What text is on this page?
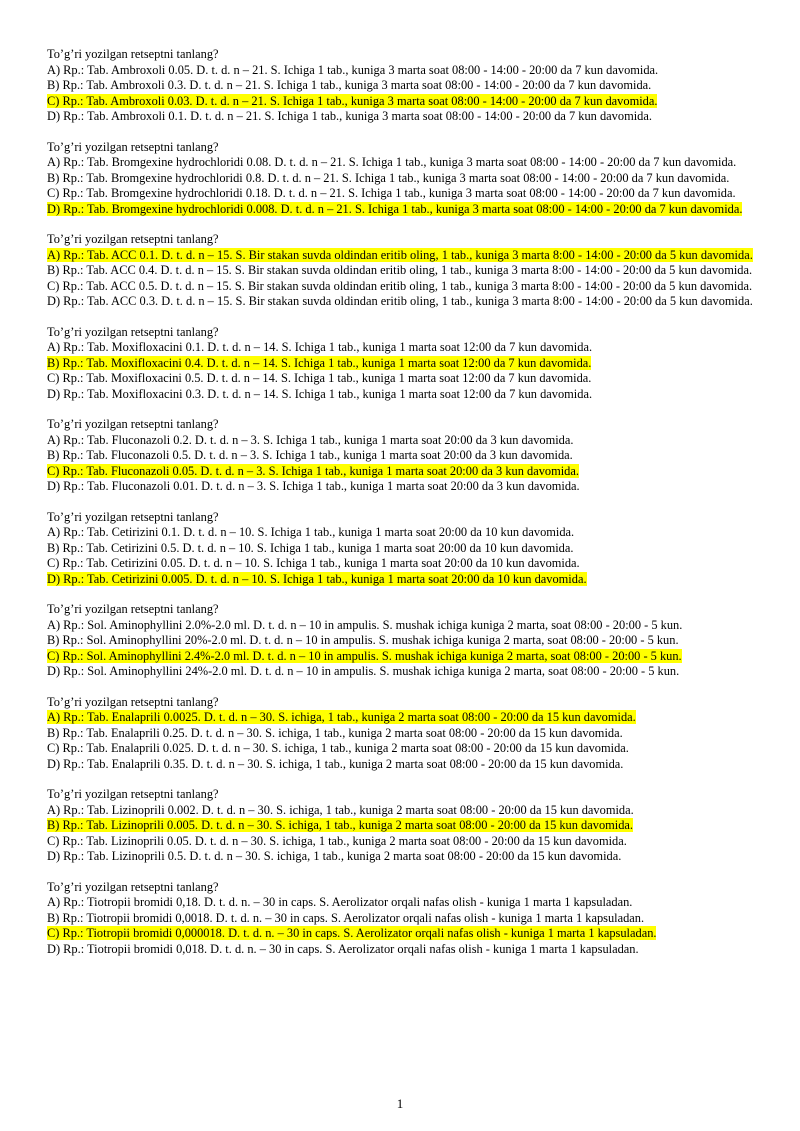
To’g’ri yozilgan retseptni tanlang?

A) Rp.: Tab. Ambroxoli 0.05. D. t. d. n – 21. S. Ichiga 1 tab., kuniga 3 marta soat 08:00 - 14:00 - 20:00 da 7 kun davomida.

B) Rp.: Tab. Ambroxoli 0.3. D. t. d. n – 21. S. Ichiga 1 tab., kuniga 3 marta soat 08:00 - 14:00 - 20:00 da 7 kun davomida.

C) Rp.: Tab. Ambroxoli 0.03. D. t. d. n – 21. S. Ichiga 1 tab., kuniga 3 marta soat 08:00 - 14:00 - 20:00 da 7 kun davomida.

D) Rp.: Tab. Ambroxoli 0.1. D. t. d. n – 21. S. Ichiga 1 tab., kuniga 3 marta soat 08:00 - 14:00 - 20:00 da 7 kun davomida.

To’g’ri yozilgan retseptni tanlang?

A) Rp.: Tab. Bromgexine hydrochloridi 0.08. D. t. d. n – 21. S. Ichiga 1 tab., kuniga 3 marta soat 08:00 - 14:00 - 20:00 da 7 kun davomida.

B) Rp.: Tab. Bromgexine hydrochloridi 0.8. D. t. d. n – 21. S. Ichiga 1 tab., kuniga 3 marta soat 08:00 - 14:00 - 20:00 da 7 kun davomida.

C) Rp.: Tab. Bromgexine hydrochloridi 0.18. D. t. d. n – 21. S. Ichiga 1 tab., kuniga 3 marta soat 08:00 - 14:00 - 20:00 da 7 kun davomida.

D) Rp.: Tab. Bromgexine hydrochloridi 0.008. D. t. d. n – 21. S. Ichiga 1 tab., kuniga 3 marta soat 08:00 - 14:00 - 20:00 da 7 kun davomida.

To’g’ri yozilgan retseptni tanlang?

A) Rp.: Tab. ACC 0.1. D. t. d. n – 15. S. Bir stakan suvda oldindan eritib oling, 1 tab., kuniga 3 marta 8:00 - 14:00 - 20:00 da 5 kun davomida.

B) Rp.: Tab. ACC 0.4. D. t. d. n – 15. S. Bir stakan suvda oldindan eritib oling, 1 tab., kuniga 3 marta 8:00 - 14:00 - 20:00 da 5 kun davomida.

C) Rp.: Tab. ACC 0.5. D. t. d. n – 15. S. Bir stakan suvda oldindan eritib oling, 1 tab., kuniga 3 marta 8:00 - 14:00 - 20:00 da 5 kun davomida.

D) Rp.: Tab. ACC 0.3. D. t. d. n – 15. S. Bir stakan suvda oldindan eritib oling, 1 tab., kuniga 3 marta 8:00 - 14:00 - 20:00 da 5 kun davomida.

To’g’ri yozilgan retseptni tanlang?

A) Rp.: Tab. Moxifloxacini 0.1. D. t. d. n – 14. S. Ichiga 1 tab., kuniga 1 marta soat 12:00 da 7 kun davomida.

B) Rp.: Tab. Moxifloxacini 0.4. D. t. d. n – 14. S. Ichiga 1 tab., kuniga 1 marta soat 12:00 da 7 kun davomida.

C) Rp.: Tab. Moxifloxacini 0.5. D. t. d. n – 14. S. Ichiga 1 tab., kuniga 1 marta soat 12:00 da 7 kun davomida.

D) Rp.: Tab. Moxifloxacini 0.3. D. t. d. n – 14. S. Ichiga 1 tab., kuniga 1 marta soat 12:00 da 7 kun davomida.

To’g’ri yozilgan retseptni tanlang?

A) Rp.: Tab. Fluconazoli 0.2. D. t. d. n – 3. S. Ichiga 1 tab., kuniga 1 marta soat 20:00 da 3 kun davomida.

B) Rp.: Tab. Fluconazoli 0.5. D. t. d. n – 3. S. Ichiga 1 tab., kuniga 1 marta soat 20:00 da 3 kun davomida.

C) Rp.: Tab. Fluconazoli 0.05. D. t. d. n – 3. S. Ichiga 1 tab., kuniga 1 marta soat 20:00 da 3 kun davomida.

D) Rp.: Tab. Fluconazoli 0.01. D. t. d. n – 3. S. Ichiga 1 tab., kuniga 1 marta soat 20:00 da 3 kun davomida.

To’g’ri yozilgan retseptni tanlang?

A) Rp.: Tab. Cetirizini 0.1. D. t. d. n – 10. S. Ichiga 1 tab., kuniga 1 marta soat 20:00 da 10 kun davomida.

B) Rp.: Tab. Cetirizini 0.5. D. t. d. n – 10. S. Ichiga 1 tab., kuniga 1 marta soat 20:00 da 10 kun davomida.

C) Rp.: Tab. Cetirizini 0.05. D. t. d. n – 10. S. Ichiga 1 tab., kuniga 1 marta soat 20:00 da 10 kun davomida.

D) Rp.: Tab. Cetirizini 0.005. D. t. d. n – 10. S. Ichiga 1 tab., kuniga 1 marta soat 20:00 da 10 kun davomida.

To’g’ri yozilgan retseptni tanlang?

A) Rp.: Sol. Aminophyllini 2.0%-2.0 ml. D. t. d. n – 10 in ampulis. S. mushak ichiga kuniga 2 marta, soat 08:00 - 20:00 - 5 kun.

B) Rp.: Sol. Aminophyllini 20%-2.0 ml. D. t. d. n – 10 in ampulis. S. mushak ichiga kuniga 2 marta, soat 08:00 - 20:00 - 5 kun.

C) Rp.: Sol. Aminophyllini 2.4%-2.0 ml. D. t. d. n – 10 in ampulis. S. mushak ichiga kuniga 2 marta, soat 08:00 - 20:00 - 5 kun.

D) Rp.: Sol. Aminophyllini 24%-2.0 ml. D. t. d. n – 10 in ampulis. S. mushak ichiga kuniga 2 marta, soat 08:00 - 20:00 - 5 kun.

To’g’ri yozilgan retseptni tanlang?

A) Rp.: Tab. Enalaprili 0.0025. D. t. d. n – 30. S. ichiga, 1 tab., kuniga 2 marta soat 08:00 - 20:00 da 15 kun davomida.

B) Rp.: Tab. Enalaprili 0.25. D. t. d. n – 30. S. ichiga, 1 tab., kuniga 2 marta soat 08:00 - 20:00 da 15 kun davomida.

C) Rp.: Tab. Enalaprili 0.025. D. t. d. n – 30. S. ichiga, 1 tab., kuniga 2 marta soat 08:00 - 20:00 da 15 kun davomida.

D) Rp.: Tab. Enalaprili 0.35. D. t. d. n – 30. S. ichiga, 1 tab., kuniga 2 marta soat 08:00 - 20:00 da 15 kun davomida.

To’g’ri yozilgan retseptni tanlang?

A) Rp.: Tab. Lizinoprili 0.002. D. t. d. n – 30. S. ichiga, 1 tab., kuniga 2 marta soat 08:00 - 20:00 da 15 kun davomida.

B) Rp.: Tab. Lizinoprili 0.005. D. t. d. n – 30. S. ichiga, 1 tab., kuniga 2 marta soat 08:00 - 20:00 da 15 kun davomida.

C) Rp.: Tab. Lizinoprili 0.05. D. t. d. n – 30. S. ichiga, 1 tab., kuniga 2 marta soat 08:00 - 20:00 da 15 kun davomida.

D) Rp.: Tab. Lizinoprili 0.5. D. t. d. n – 30. S. ichiga, 1 tab., kuniga 2 marta soat 08:00 - 20:00 da 15 kun davomida.

To’g’ri yozilgan retseptni tanlang?

A) Rp.: Tiotropii bromidi 0,18. D. t. d. n. – 30 in caps. S. Aerolizator orqali nafas olish - kuniga 1 marta 1 kapsuladan.

B) Rp.: Tiotropii bromidi 0,0018. D. t. d. n. – 30 in caps. S. Aerolizator orqali nafas olish - kuniga 1 marta 1 kapsuladan.

C) Rp.: Tiotropii bromidi 0,000018. D. t. d. n. – 30 in caps. S. Aerolizator orqali nafas olish - kuniga 1 marta 1 kapsuladan.

D) Rp.: Tiotropii bromidi 0,018. D. t. d. n. – 30 in caps. S. Aerolizator orqali nafas olish - kuniga 1 marta 1 kapsuladan.

1
